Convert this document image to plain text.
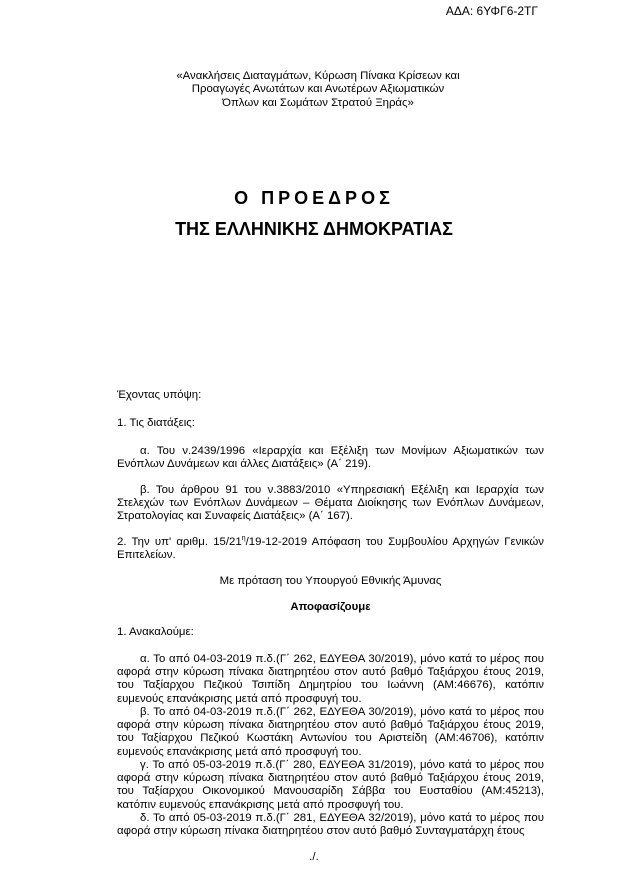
ΑΔΑ: 6ΥΦΓ6-2ΤΓ
«Ανακλήσεις Διαταγμάτων, Κύρωση Πίνακα Κρίσεων και
Προαγωγές Ανωτάτων και Ανωτέρων Αξιωματικών
Όπλων και Σωμάτων Στρατού Ξηράς»
Ο ΠΡΟΕΔΡΟΣ
ΤΗΣ ΕΛΛΗΝΙΚΗΣ ΔΗΜΟΚΡΑΤΙΑΣ
Έχοντας υπόψη:
1. Τις διατάξεις:
α. Του ν.2439/1996 «Ιεραρχία και Εξέλιξη των Μονίμων Αξιωματικών των Ενόπλων Δυνάμεων και άλλες Διατάξεις» (Α΄ 219).
β. Του άρθρου 91 του ν.3883/2010 «Υπηρεσιακή Εξέλιξη και Ιεραρχία των Στελεχών των Ενόπλων Δυνάμεων – Θέματα Διοίκησης των Ενόπλων Δυνάμεων, Στρατολογίας και Συναφείς Διατάξεις» (Α΄ 167).
2. Την υπ' αριθμ. $15/21^\eta/19-12-2019$ Απόφαση του Συμβουλίου Αρχηγών Γενικών Επιτελείων.
Με πρόταση του Υπουργού Εθνικής Άμυνας
Αποφασίζουμε
1. Ανακαλούμε:
α. Το από 04-03-2019 π.δ.(Γ΄ 262, ΕΔΥΕΘΑ 30/2019), μόνο κατά το μέρος που αφορά στην κύρωση πίνακα διατηρητέου στον αυτό βαθμό Ταξιάρχου έτους 2019, του Ταξίαρχου Πεζικού Τσιπίδη Δημητρίου του Ιωάννη (ΑΜ:46676), κατόπιν ευμενούς επανάκρισης μετά από προσφυγή του.
β. Το από 04-03-2019 π.δ.(Γ΄ 262, ΕΔΥΕΘΑ 30/2019), μόνο κατά το μέρος που αφορά στην κύρωση πίνακα διατηρητέου στον αυτό βαθμό Ταξιάρχου έτους 2019, του Ταξίαρχου Πεζικού Κωστάκη Αντωνίου του Αριστείδη (ΑΜ:46706), κατόπιν ευμενούς επανάκρισης μετά από προσφυγή του.
γ. Το από 05-03-2019 π.δ.(Γ΄ 280, ΕΔΥΕΘΑ 31/2019), μόνο κατά το μέρος που αφορά στην κύρωση πίνακα διατηρητέου στον αυτό βαθμό Ταξιάρχου έτους 2019, του Ταξίαρχου Οικονομικού Μανουσαρίδη Σάββα του Ευσταθίου (ΑΜ:45213), κατόπιν ευμενούς επανάκρισης μετά από προσφυγή του.
δ. Το από 05-03-2019 π.δ.(Γ΄ 281, ΕΔΥΕΘΑ 32/2019), μόνο κατά το μέρος που αφορά στην κύρωση πίνακα διατηρητέου στον αυτό βαθμό Συνταγματάρχη έτους
./.
